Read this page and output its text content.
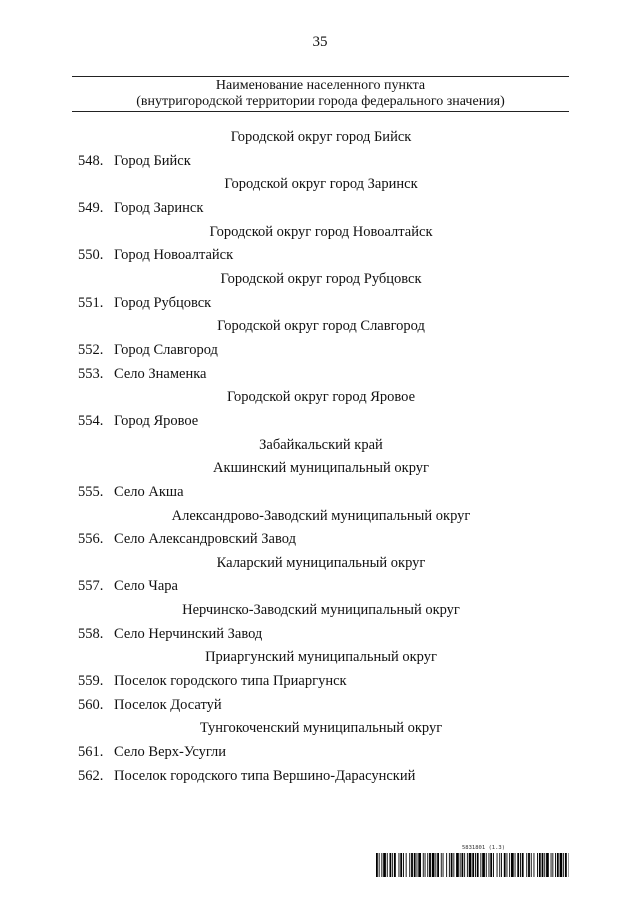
35
Наименование населенного пункта
(внутригородской территории города федерального значения)
Городской округ город Бийск
548. Город Бийск
Городской округ город Заринск
549. Город Заринск
Городской округ город Новоалтайск
550. Город Новоалтайск
Городской округ город Рубцовск
551. Город Рубцовск
Городской округ город Славгород
552. Город Славгород
553. Село Знаменка
Городской округ город Яровое
554. Город Яровое
Забайкальский край
Акшинский муниципальный округ
555. Село Акша
Александрово-Заводский муниципальный округ
556. Село Александровский Завод
Каларский муниципальный округ
557. Село Чара
Нерчинско-Заводский муниципальный округ
558. Село Нерчинский Завод
Приаргунский муниципальный округ
559. Поселок городского типа Приаргунск
560. Поселок Досатуй
Тунгокоченский муниципальный округ
561. Село Верх-Усугли
562. Поселок городского типа Вершино-Дарасунский
5831801 (1.3)
